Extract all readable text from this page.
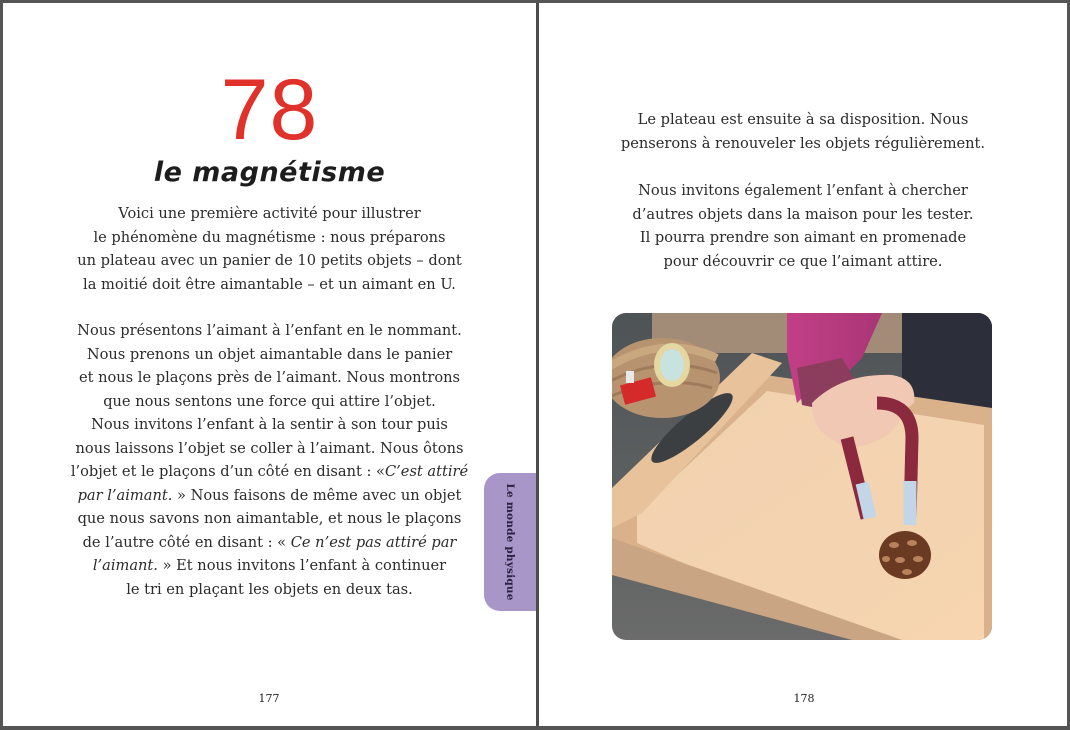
78
le magnétisme
Voici une première activité pour illustrer
le phénomène du magnétisme : nous préparons
un plateau avec un panier de 10 petits objets – dont
la moitié doit être aimantable – et un aimant en U.
Nous présentons l’aimant à l’enfant en le nommant.
Nous prenons un objet aimantable dans le panier
et nous le plaçons près de l’aimant. Nous montrons
que nous sentons une force qui attire l’objet.
Nous invitons l’enfant à la sentir à son tour puis
nous laissons l’objet se coller à l’aimant. Nous ôtons
l’objet et le plaçons d’un côté en disant : «C’est attiré
par l’aimant. » Nous faisons de même avec un objet
que nous savons non aimantable, et nous le plaçons
de l’autre côté en disant : « Ce n’est pas attiré par
l’aimant. » Et nous invitons l’enfant à continuer
le tri en plaçant les objets en deux tas.	Le monde physique
177
Le plateau est ensuite à sa disposition. Nous
penserons à renouveler les objets régulièrement.
Nous invitons également l’enfant à chercher
d’autres objets dans la maison pour les tester.
Il pourra prendre son aimant en promenade
pour découvrir ce que l’aimant attire.
178
